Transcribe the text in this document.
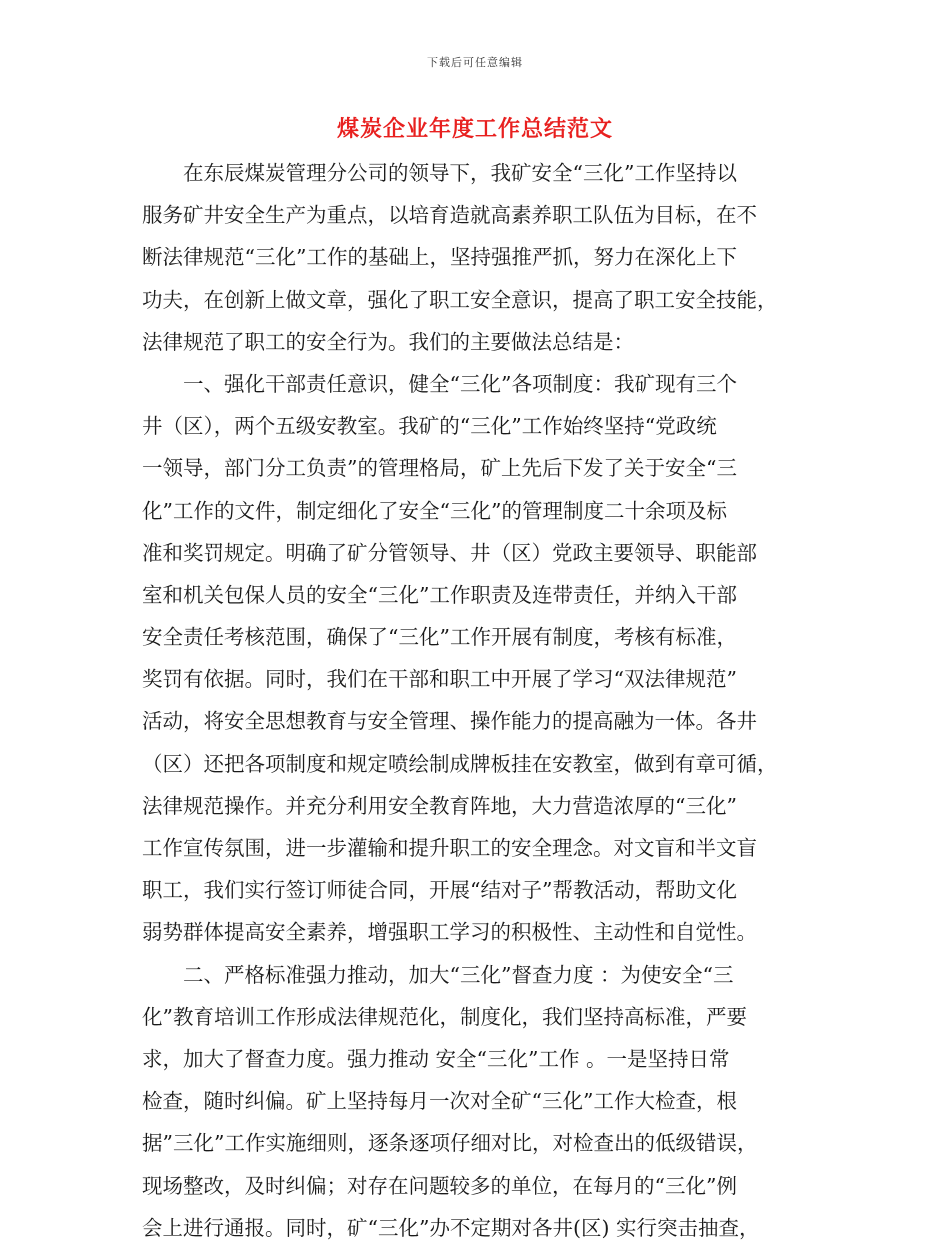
下载后可任意编辑
煤炭企业年度工作总结范文
　　在东辰煤炭管理分公司的领导下，我矿安全“三化”工作坚持以
服务矿井安全生产为重点，以培育造就高素养职工队伍为目标，在不
断法律规范“三化”工作的基础上，坚持强推严抓，努力在深化上下
功夫，在创新上做文章，强化了职工安全意识，提高了职工安全技能，
法律规范了职工的安全行为。我们的主要做法总结是：
　　一、强化干部责任意识，健全“三化”各项制度：我矿现有三个
井（区），两个五级安教室。我矿的“三化”工作始终坚持“党政统
一领导，部门分工负责”的管理格局，矿上先后下发了关于安全“三
化”工作的文件，制定细化了安全“三化”的管理制度二十余项及标
准和奖罚规定。明确了矿分管领导、井（区）党政主要领导、职能部
室和机关包保人员的安全“三化”工作职责及连带责任，并纳入干部
安全责任考核范围，确保了“三化”工作开展有制度，考核有标准，
奖罚有依据。同时，我们在干部和职工中开展了学习“双法律规范”
活动，将安全思想教育与安全管理、操作能力的提高融为一体。各井
（区）还把各项制度和规定喷绘制成牌板挂在安教室，做到有章可循，
法律规范操作。并充分利用安全教育阵地，大力营造浓厚的“三化”
工作宣传氛围，进一步灌输和提升职工的安全理念。对文盲和半文盲
职工，我们实行签订师徒合同，开展“结对子”帮教活动，帮助文化
弱势群体提高安全素养，增强职工学习的积极性、主动性和自觉性。
　　二、严格标准强力推动，加大“三化”督查力度 ：为使安全“三
化”教育培训工作形成法律规范化，制度化，我们坚持高标准，严要
求，加大了督查力度。强力推动 安全“三化”工作 。一是坚持日常
检查，随时纠偏。矿上坚持每月一次对全矿“三化”工作大检查，根
据”三化”工作实施细则，逐条逐项仔细对比，对检查出的低级错误，
现场整改，及时纠偏；对存在问题较多的单位，在每月的“三化”例
会上进行通报。同时，矿“三化”办不定期对各井(区) 实行突击抽查，
